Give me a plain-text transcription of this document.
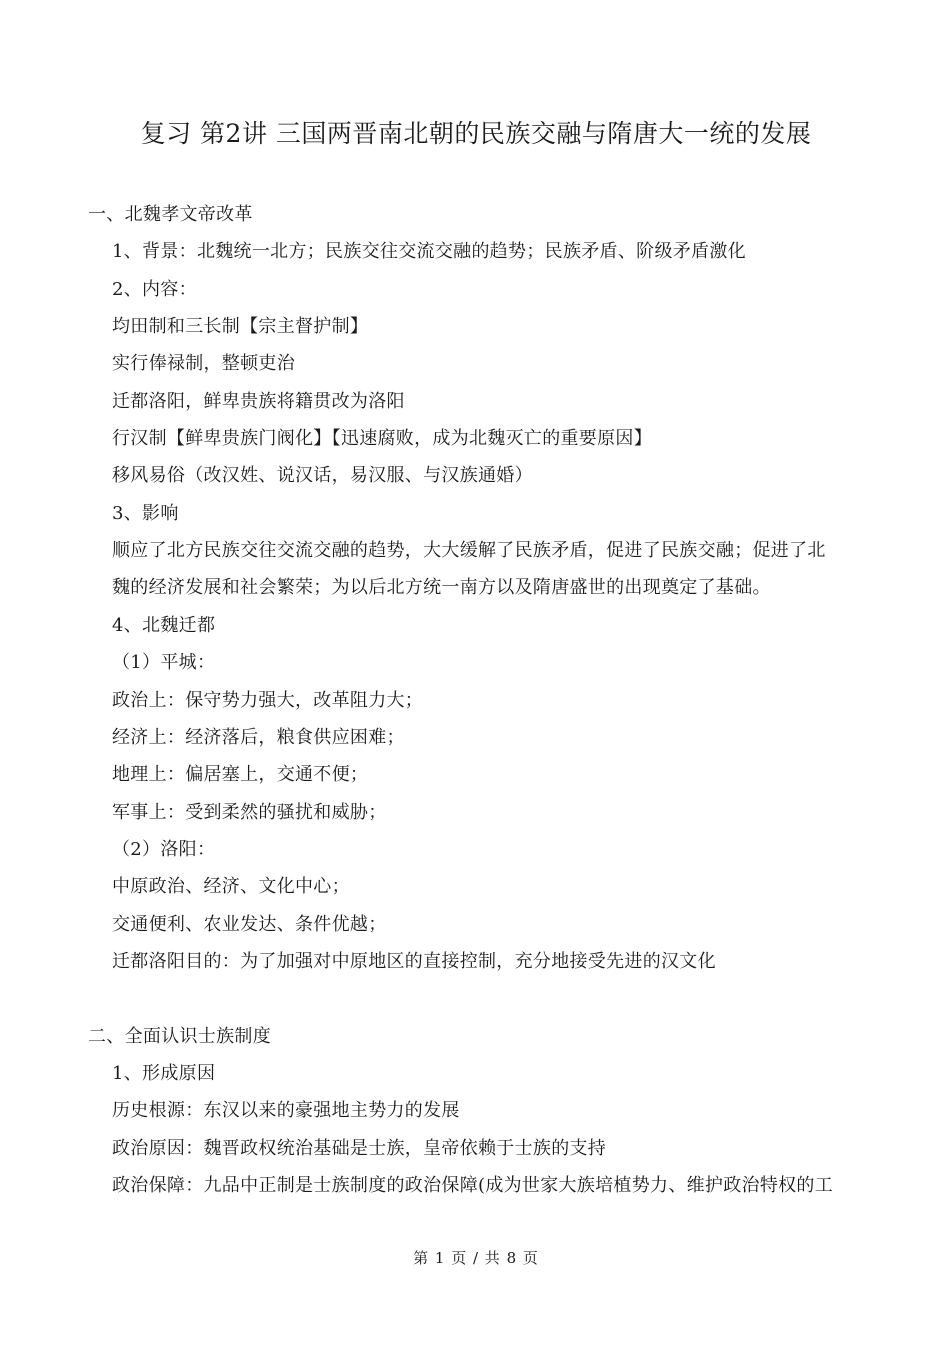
复习 第2讲 三国两晋南北朝的民族交融与隋唐大一统的发展
一、北魏孝文帝改革
1、背景：北魏统一北方；民族交往交流交融的趋势；民族矛盾、阶级矛盾激化
2、内容：
均田制和三长制【宗主督护制】
实行俸禄制，整顿吏治
迁都洛阳，鲜卑贵族将籍贯改为洛阳
行汉制【鲜卑贵族门阀化】【迅速腐败，成为北魏灭亡的重要原因】
移风易俗（改汉姓、说汉话，易汉服、与汉族通婚）
3、影响
顺应了北方民族交往交流交融的趋势，大大缓解了民族矛盾，促进了民族交融；促进了北
魏的经济发展和社会繁荣；为以后北方统一南方以及隋唐盛世的出现奠定了基础。
4、北魏迁都
（1）平城：
政治上：保守势力强大，改革阻力大；
经济上：经济落后，粮食供应困难；
地理上：偏居塞上，交通不便；
军事上：受到柔然的骚扰和威胁；
（2）洛阳：
中原政治、经济、文化中心；
交通便利、农业发达、条件优越；
迁都洛阳目的：为了加强对中原地区的直接控制，充分地接受先进的汉文化
二、全面认识士族制度
1、形成原因
历史根源：东汉以来的豪强地主势力的发展
政治原因：魏晋政权统治基础是士族，皇帝依赖于士族的支持
政治保障：九品中正制是士族制度的政治保障(成为世家大族培植势力、维护政治特权的工
第 1 页 / 共 8 页
